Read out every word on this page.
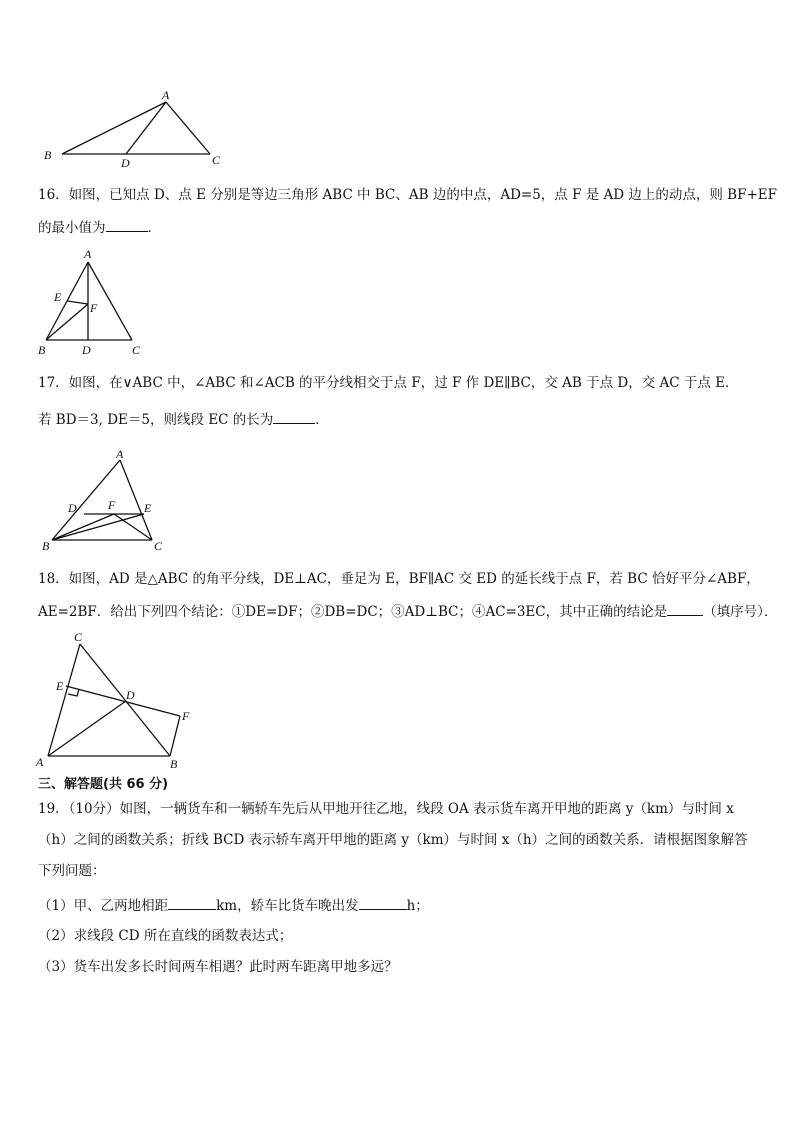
A
B	C
D
16．如图，已知点 D、点 E 分别是等边三角形 ABC 中 BC、AB 边的中点，AD=5，点 F 是 AD 边上的动点，则 BF+EF
的最小值为	．
A
B	D	C
E
F
17．如图，在∨ABC 中，∠ABC 和∠ACB 的平分线相交于点 F，过 F 作 DE∥BC，交 AB 于点 D，交 AC 于点 E．
若 BD＝3, DE＝5，则线段 EC 的长为	．
A
B	C
D	F E
18．如图，AD 是△ABC 的角平分线，DE⊥AC，垂足为 E，BF∥AC 交 ED 的延长线于点 F，若 BC 恰好平分∠ABF，
AE=2BF．给出下列四个结论：①DE=DF；②DB=DC；③AD⊥BC；④AC=3EC，其中正确的结论是	（填序号）．
C
E
D
F
A	B
三、解答题(共 66 分)
19．（10分）如图，一辆货车和一辆轿车先后从甲地开往乙地，线段 OA 表示货车离开甲地的距离 y（km）与时间 x
（h）之间的函数关系；折线 BCD 表示轿车离开甲地的距离 y（km）与时间 x（h）之间的函数关系．请根据图象解答
下列问题：
（1）甲、乙两地相距	km，轿车比货车晚出发	h；
（2）求线段 CD 所在直线的函数表达式；
（3）货车出发多长时间两车相遇？此时两车距离甲地多远？
